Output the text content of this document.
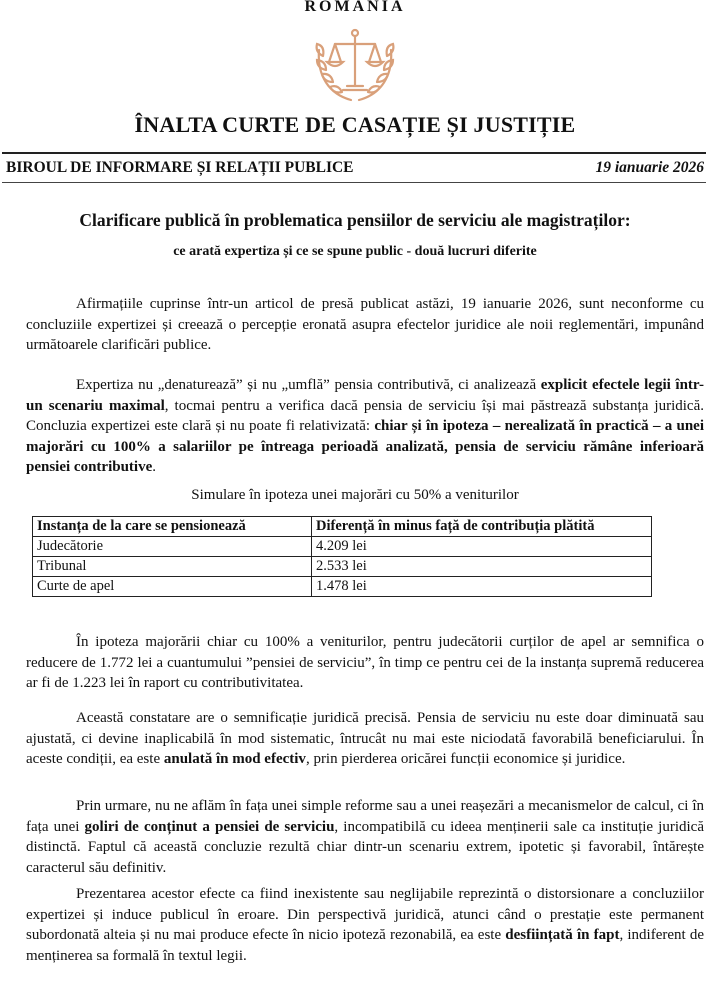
ROMANIA
ÎNALTA CURTE DE CASAȚIE ȘI JUSTIȚIE
BIROUL DE INFORMARE ȘI RELAȚII PUBLICE	19 ianuarie 2026
Clarificare publică în problematica pensiilor de serviciu ale magistraților:
ce arată expertiza și ce se spune public - două lucruri diferite
Afirmațiile cuprinse într-un articol de presă publicat astăzi, 19 ianuarie 2026, sunt neconforme cu concluziile expertizei și creează o percepție eronată asupra efectelor juridice ale noii reglementări, impunând următoarele clarificări publice.
Expertiza nu „denaturează” și nu „umflă” pensia contributivă, ci analizează explicit efectele legii într-un scenariu maximal, tocmai pentru a verifica dacă pensia de serviciu își mai păstrează substanța juridică. Concluzia expertizei este clară și nu poate fi relativizată: chiar și în ipoteza – nerealizată în practică – a unei majorări cu 100% a salariilor pe întreaga perioadă analizată, pensia de serviciu rămâne inferioară pensiei contributive.
Simulare în ipoteza unei majorări cu 50% a veniturilor
Instanța de la care se pensionează	Diferență în minus față de contribuția plătită
Judecătorie	4.209 lei
Tribunal	2.533 lei
Curte de apel	1.478 lei
În ipoteza majorării chiar cu 100% a veniturilor, pentru judecătorii curților de apel ar semnifica o reducere de 1.772 lei a cuantumului ”pensiei de serviciu”, în timp ce pentru cei de la instanța supremă reducerea ar fi de 1.223 lei în raport cu contributivitatea.
Această constatare are o semnificație juridică precisă. Pensia de serviciu nu este doar diminuată sau ajustată, ci devine inaplicabilă în mod sistematic, întrucât nu mai este niciodată favorabilă beneficiarului. În aceste condiții, ea este anulată în mod efectiv, prin pierderea oricărei funcții economice și juridice.
Prin urmare, nu ne aflăm în fața unei simple reforme sau a unei reașezări a mecanismelor de calcul, ci în fața unei goliri de conținut a pensiei de serviciu, incompatibilă cu ideea menținerii sale ca instituție juridică distinctă. Faptul că această concluzie rezultă chiar dintr-un scenariu extrem, ipotetic și favorabil, întărește caracterul său definitiv.
Prezentarea acestor efecte ca fiind inexistente sau neglijabile reprezintă o distorsionare a concluziilor expertizei și induce publicul în eroare. Din perspectivă juridică, atunci când o prestație este permanent subordonată alteia și nu mai produce efecte în nicio ipoteză rezonabilă, ea este desființată în fapt, indiferent de menținerea sa formală în textul legii.
